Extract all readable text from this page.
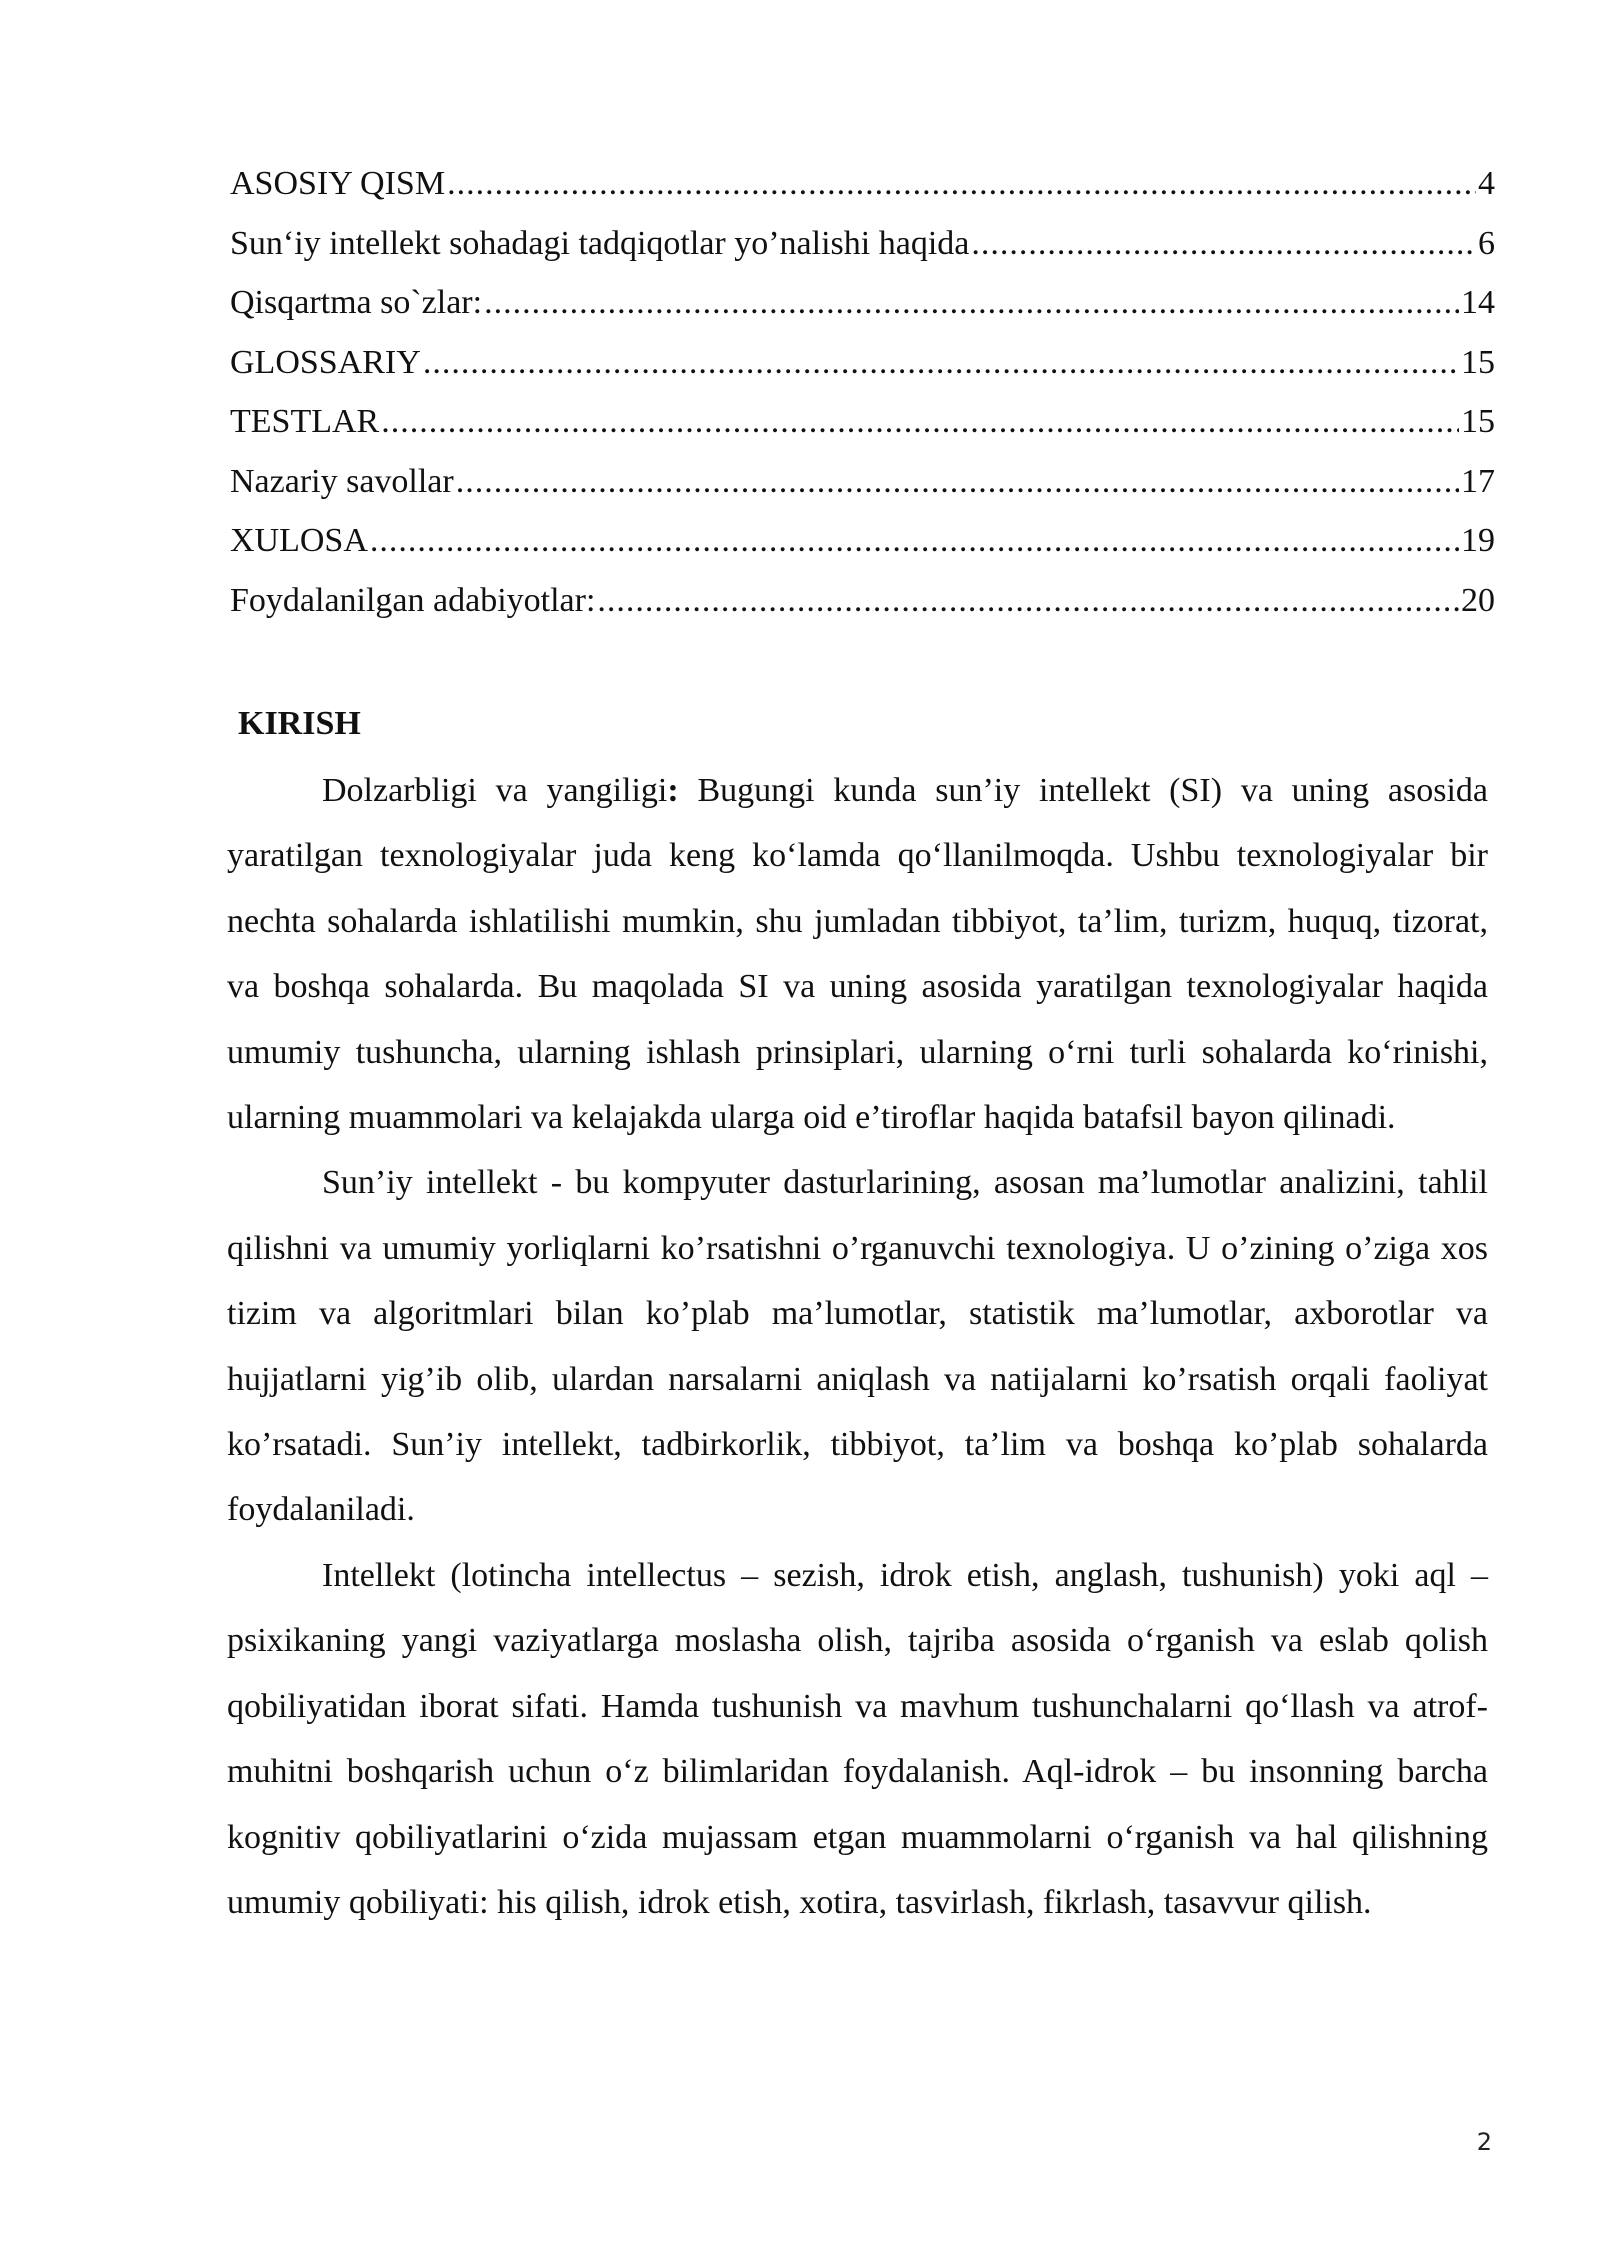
ASOSIY QISM .....	4
Sun‘iy intellekt sohadagi tadqiqotlar yo’nalishi haqida .....	6
Qisqartma so`zlar: .....	14
GLOSSARIY .....	15
TESTLAR .....	15
Nazariy savollar .....	17
XULOSA .....	19
Foydalanilgan adabiyotlar: .....	20
KIRISH

Dolzarbligi va yangiligi: Bugungi kunda sun’iy intellekt (SI) va uning asosida yaratilgan texnologiyalar juda keng ko‘lamda qo‘llanilmoqda. Ushbu texnologiyalar bir nechta sohalarda ishlatilishi mumkin, shu jumladan tibbiyot, ta’lim, turizm, huquq, tizorat, va boshqa sohalarda. Bu maqolada SI va uning asosida yaratilgan texnologiyalar haqida umumiy tushuncha, ularning ishlash prinsiplari, ularning o‘rni turli sohalarda ko‘rinishi, ularning muammolari va kelajakda ularga oid e’tiroflar haqida batafsil bayon qilinadi.

Sun’iy intellekt - bu kompyuter dasturlarining, asosan ma’lumotlar analizini, tahlil qilishni va umumiy yorliqlarni ko’rsatishni o’rganuvchi texnologiya. U o’zining o’ziga xos tizim va algoritmlari bilan ko’plab ma’lumotlar, statistik ma’lumotlar, axborotlar va hujjatlarni yig’ib olib, ulardan narsalarni aniqlash va natijalarni ko’rsatish orqali faoliyat ko’rsatadi. Sun’iy intellekt, tadbirkorlik, tibbiyot, ta’lim va boshqa ko’plab sohalarda foydalaniladi.

Intellekt (lotincha intellectus – sezish, idrok etish, anglash, tushunish) yoki aql – psixikaning yangi vaziyatlarga moslasha olish, tajriba asosida o‘rganish va eslab qolish qobiliyatidan iborat sifati. Hamda tushunish va mavhum tushunchalarni qo‘llash va atrof-muhitni boshqarish uchun o‘z bilimlaridan foydalanish. Aql-idrok – bu insonning barcha kognitiv qobiliyatlarini o‘zida mujassam etgan muammolarni o‘rganish va hal qilishning umumiy qobiliyati: his qilish, idrok etish, xotira, tasvirlash, fikrlash, tasavvur qilish.

2
